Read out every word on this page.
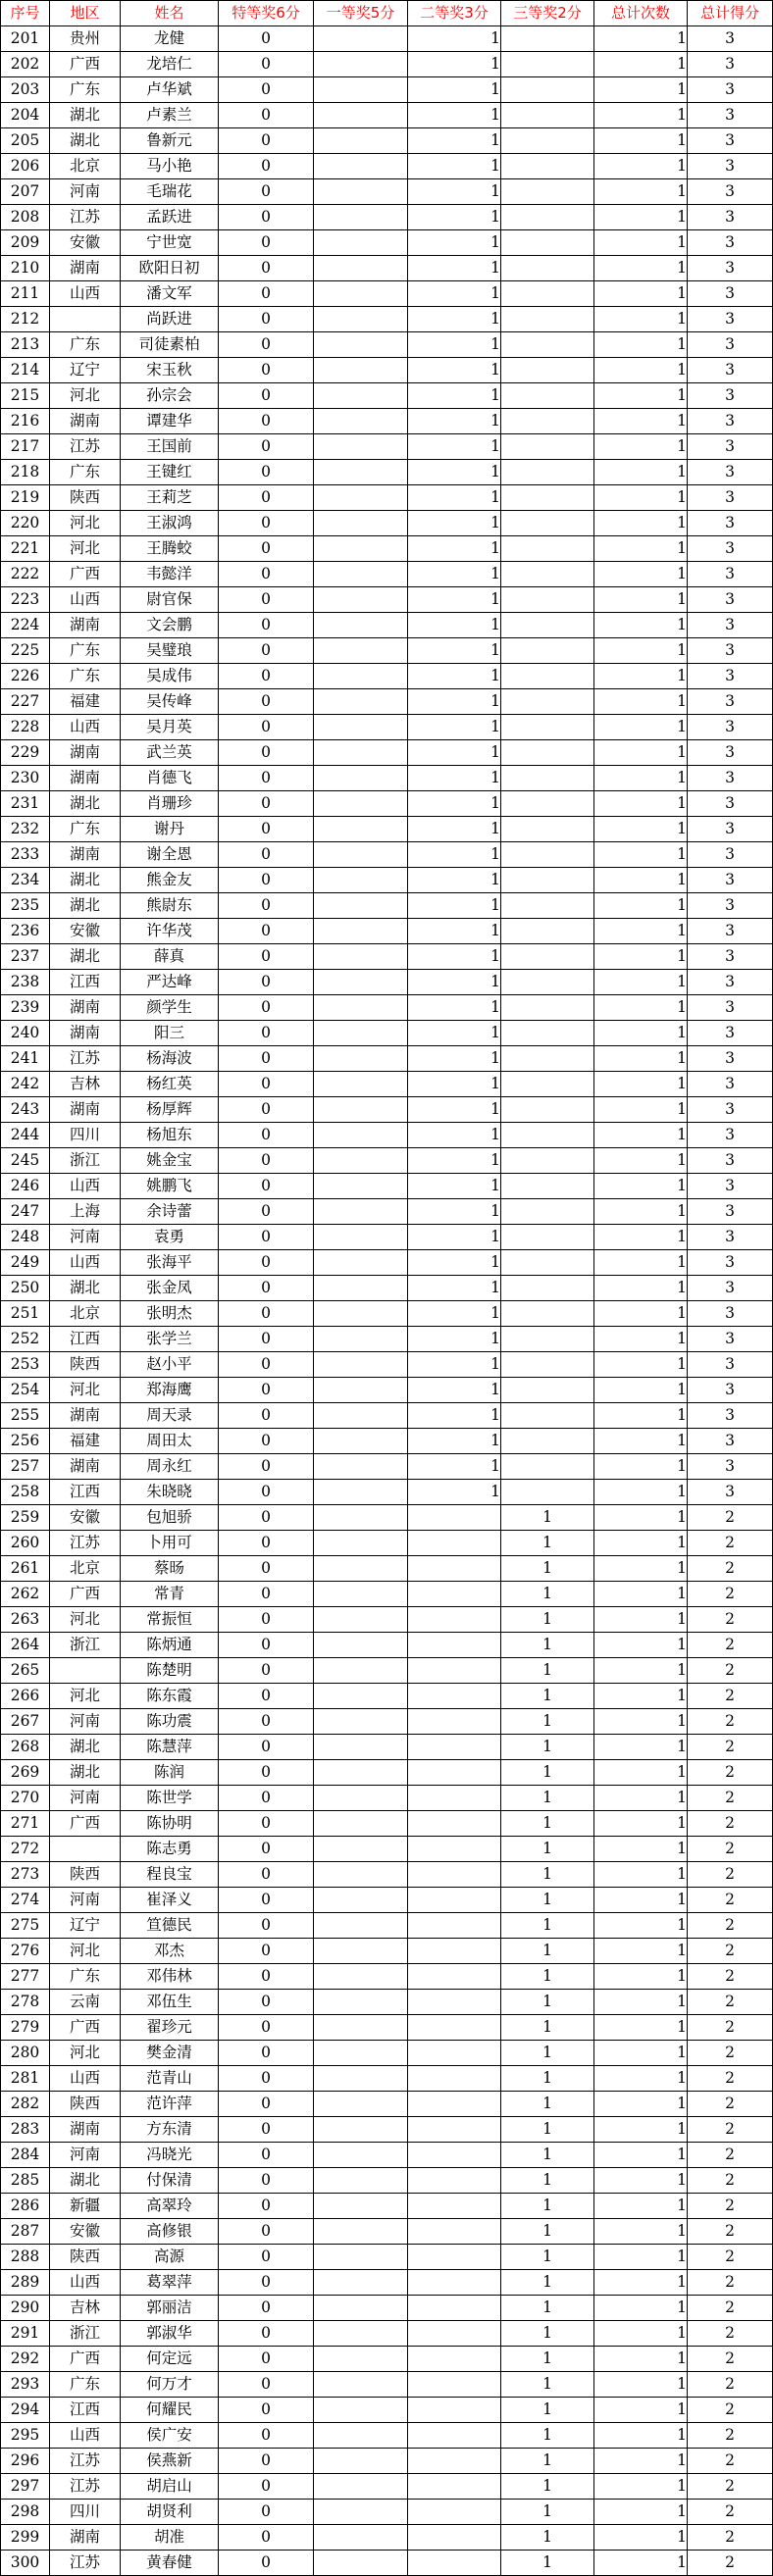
序号	地区	姓名	特等奖6分	一等奖5分	二等奖3分	三等奖2分	总计次数	总计得分
201	贵州	龙健	0		1		1	3
202	广西	龙培仁	0		1		1	3
203	广东	卢华斌	0		1		1	3
204	湖北	卢素兰	0		1		1	3
205	湖北	鲁新元	0		1		1	3
206	北京	马小艳	0		1		1	3
207	河南	毛瑞花	0		1		1	3
208	江苏	孟跃进	0		1		1	3
209	安徽	宁世宽	0		1		1	3
210	湖南	欧阳日初	0		1		1	3
211	山西	潘文军	0		1		1	3
212		尚跃进	0		1		1	3
213	广东	司徒素柏	0		1		1	3
214	辽宁	宋玉秋	0		1		1	3
215	河北	孙宗会	0		1		1	3
216	湖南	谭建华	0		1		1	3
217	江苏	王国前	0		1		1	3
218	广东	王键红	0		1		1	3
219	陕西	王莉芝	0		1		1	3
220	河北	王淑鸿	0		1		1	3
221	河北	王腾蛟	0		1		1	3
222	广西	韦懿洋	0		1		1	3
223	山西	尉官保	0		1		1	3
224	湖南	文会鹏	0		1		1	3
225	广东	吴璧琅	0		1		1	3
226	广东	吴成伟	0		1		1	3
227	福建	吴传峰	0		1		1	3
228	山西	吴月英	0		1		1	3
229	湖南	武兰英	0		1		1	3
230	湖南	肖德飞	0		1		1	3
231	湖北	肖珊珍	0		1		1	3
232	广东	谢丹	0		1		1	3
233	湖南	谢全恩	0		1		1	3
234	湖北	熊金友	0		1		1	3
235	湖北	熊尉东	0		1		1	3
236	安徽	许华茂	0		1		1	3
237	湖北	薛真	0		1		1	3
238	江西	严达峰	0		1		1	3
239	湖南	颜学生	0		1		1	3
240	湖南	阳三	0		1		1	3
241	江苏	杨海波	0		1		1	3
242	吉林	杨红英	0		1		1	3
243	湖南	杨厚辉	0		1		1	3
244	四川	杨旭东	0		1		1	3
245	浙江	姚金宝	0		1		1	3
246	山西	姚鹏飞	0		1		1	3
247	上海	余诗蕾	0		1		1	3
248	河南	袁勇	0		1		1	3
249	山西	张海平	0		1		1	3
250	湖北	张金凤	0		1		1	3
251	北京	张明杰	0		1		1	3
252	江西	张学兰	0		1		1	3
253	陕西	赵小平	0		1		1	3
254	河北	郑海鹰	0		1		1	3
255	湖南	周天录	0		1		1	3
256	福建	周田太	0		1		1	3
257	湖南	周永红	0		1		1	3
258	江西	朱晓晓	0		1		1	3
259	安徽	包旭骄	0			1	1	2
260	江苏	卜用可	0			1	1	2
261	北京	蔡旸	0			1	1	2
262	广西	常青	0			1	1	2
263	河北	常振恒	0			1	1	2
264	浙江	陈炳通	0			1	1	2
265		陈楚明	0			1	1	2
266	河北	陈东霞	0			1	1	2
267	河南	陈功震	0			1	1	2
268	湖北	陈慧萍	0			1	1	2
269	湖北	陈润	0			1	1	2
270	河南	陈世学	0			1	1	2
271	广西	陈协明	0			1	1	2
272		陈志勇	0			1	1	2
273	陕西	程良宝	0			1	1	2
274	河南	崔泽义	0			1	1	2
275	辽宁	笪德民	0			1	1	2
276	河北	邓杰	0			1	1	2
277	广东	邓伟林	0			1	1	2
278	云南	邓伍生	0			1	1	2
279	广西	翟珍元	0			1	1	2
280	河北	樊金清	0			1	1	2
281	山西	范青山	0			1	1	2
282	陕西	范许萍	0			1	1	2
283	湖南	方东清	0			1	1	2
284	河南	冯晓光	0			1	1	2
285	湖北	付保清	0			1	1	2
286	新疆	高翠玲	0			1	1	2
287	安徽	高修银	0			1	1	2
288	陕西	高源	0			1	1	2
289	山西	葛翠萍	0			1	1	2
290	吉林	郭丽洁	0			1	1	2
291	浙江	郭淑华	0			1	1	2
292	广西	何定远	0			1	1	2
293	广东	何万才	0			1	1	2
294	江西	何耀民	0			1	1	2
295	山西	侯广安	0			1	1	2
296	江苏	侯燕新	0			1	1	2
297	江苏	胡启山	0			1	1	2
298	四川	胡贤利	0			1	1	2
299	湖南	胡准	0			1	1	2
300	江苏	黄春健	0			1	1	2
